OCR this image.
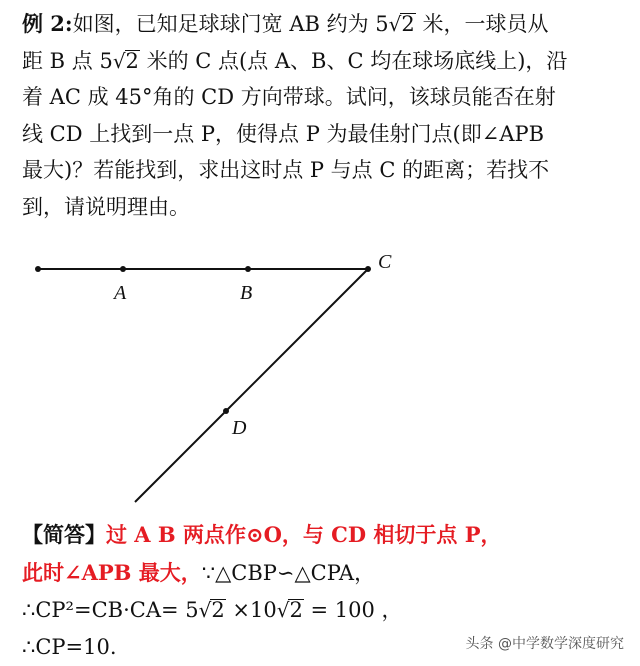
例 2:如图，已知足球球门宽 AB 约为 5√2 米，一球员从
距 B 点 5√2 米的 C 点(点 A、B、C 均在球场底线上)，沿
着 AC 成 45°角的 CD 方向带球。试问，该球员能否在射
线 CD 上找到一点 P，使得点 P 为最佳射门点(即∠APB
最大)？若能找到，求出这时点 P 与点 C 的距离；若找不
到，请说明理由。
A	B
C
D
【简答】过 A B 两点作⊙O，与 CD 相切于点 P，
此时∠APB 最大，∵△CBP∽△CPA，
∴CP²=CB·CA= 5√2 ×10√2 = 100 ，
∴CP=10.	头条 @中学数学深度研究
